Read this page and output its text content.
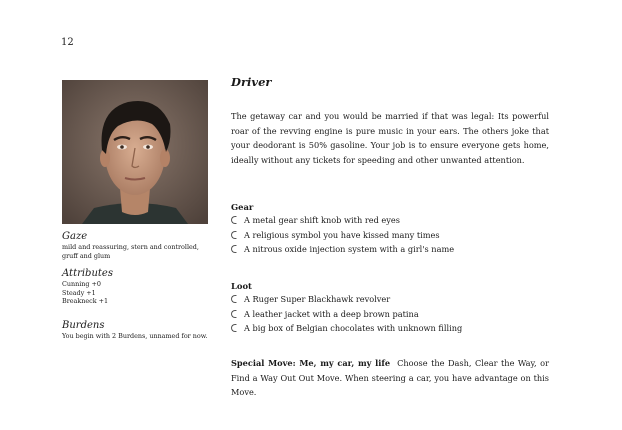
12

Gaze

mild and reassuring, stern and controlled, gruff and glum

Attributes

Cunning +0

Steady +1

Breakneck +1

Burdens

You begin with 2 Burdens, unnamed for now.

Driver

The getaway car and you would be married if that was legal: Its powerful roar of the revving engine is pure music in your ears. The others joke that your deodorant is 50% gasoline. Your job is to ensure everyone gets home, ideally without any tickets for speeding and other unwanted attention.

Gear

A metal gear shift knob with red eyes
A religious symbol you have kissed many times
A nitrous oxide injection system with a girl's name

Loot

A Ruger Super Blackhawk revolver
A leather jacket with a deep brown patina
A big box of Belgian chocolates with unknown filling

Special Move: Me, my car, my life Choose the Dash, Clear the Way, or Find a Way Out Out Move. When steering a car, you have advantage on this Move.
